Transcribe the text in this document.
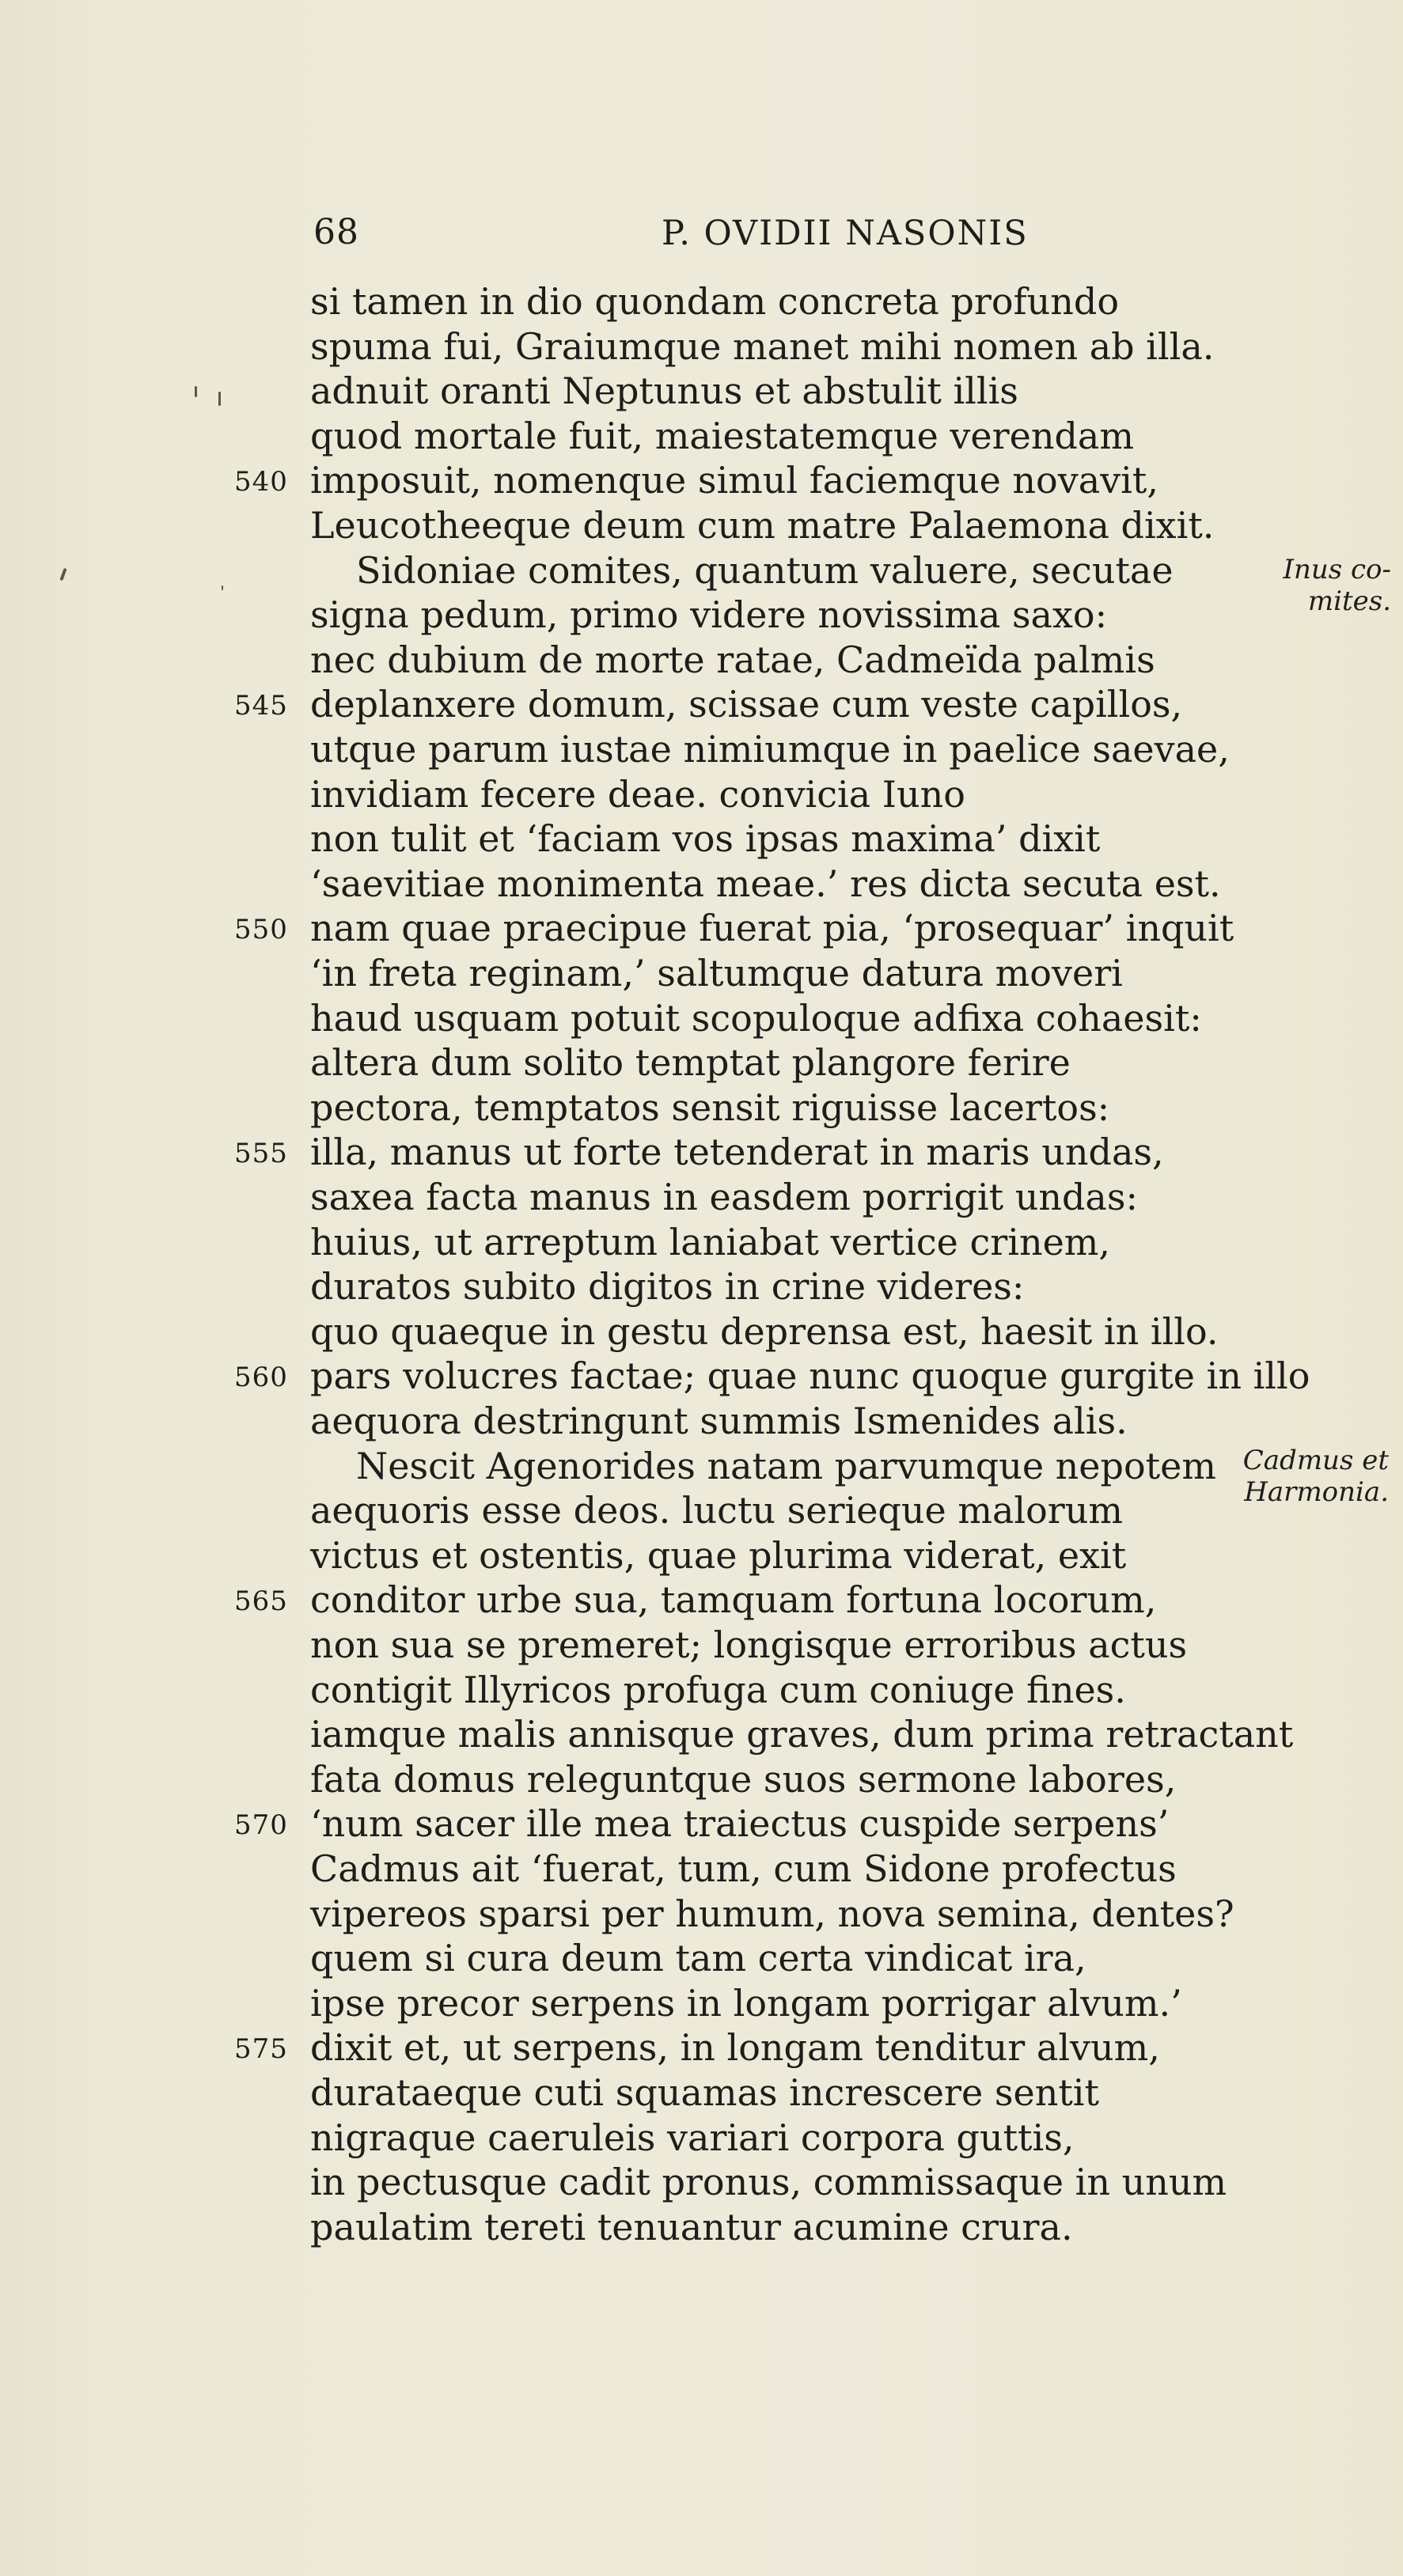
68	P. OVIDII NASONIS
si tamen in dio quondam concreta profundo
spuma fui, Graiumque manet mihi nomen ab illa.
adnuit oranti Neptunus et abstulit illis
quod mortale fuit, maiestatemque verendam
540 imposuit, nomenque simul faciemque novavit,
Leucotheeque deum cum matre Palaemona dixit.
Sidoniae comites, quantum valuere, secutae
signa pedum, primo videre novissima saxo:
nec dubium de morte ratae, Cadmeïda palmis
545 deplanxere domum, scissae cum veste capillos,
utque parum iustae nimiumque in paelice saevae,
invidiam fecere deae. convicia Iuno
non tulit et ‘faciam vos ipsas maxima’ dixit
‘saevitiae monimenta meae.’ res dicta secuta est.
550 nam quae praecipue fuerat pia, ‘prosequar’ inquit
‘in freta reginam,’ saltumque datura moveri
haud usquam potuit scopuloque adfixa cohaesit:
altera dum solito temptat plangore ferire
pectora, temptatos sensit riguisse lacertos:
555 illa, manus ut forte tetenderat in maris undas,
saxea facta manus in easdem porrigit undas:
huius, ut arreptum laniabat vertice crinem,
duratos subito digitos in crine videres:
quo quaeque in gestu deprensa est, haesit in illo.
560 pars volucres factae; quae nunc quoque gurgite in illo
aequora destringunt summis Ismenides alis.
Nescit Agenorides natam parvumque nepotem
aequoris esse deos. luctu serieque malorum
victus et ostentis, quae plurima viderat, exit
565 conditor urbe sua, tamquam fortuna locorum,
non sua se premeret; longisque erroribus actus
contigit Illyricos profuga cum coniuge fines.
iamque malis annisque graves, dum prima retractant
fata domus releguntque suos sermone labores,
570 ‘num sacer ille mea traiectus cuspide serpens’
Cadmus ait ‘fuerat, tum, cum Sidone profectus
vipereos sparsi per humum, nova semina, dentes?
quem si cura deum tam certa vindicat ira,
ipse precor serpens in longam porrigar alvum.’
575 dixit et, ut serpens, in longam tenditur alvum,
durataeque cuti squamas increscere sentit
nigraque caeruleis variari corpora guttis,
in pectusque cadit pronus, commissaque in unum
paulatim tereti tenuantur acumine crura.
Inus co-
mites.
Cadmus et
Harmonia.
